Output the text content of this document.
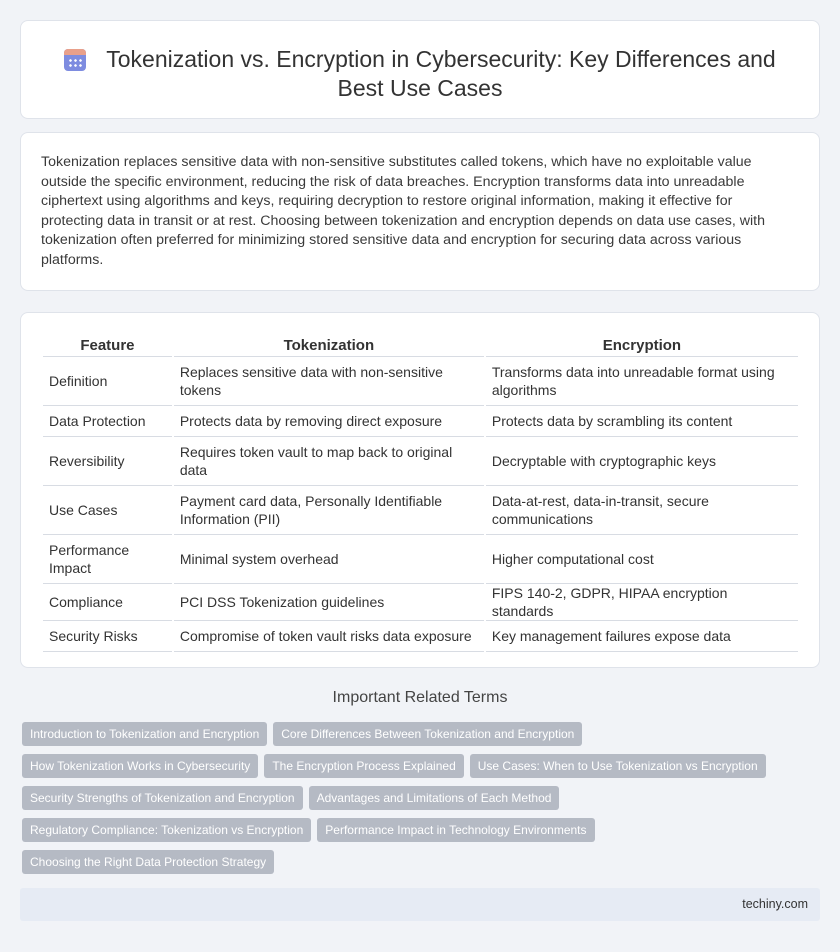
Tokenization vs. Encryption in Cybersecurity: Key Differences and Best Use Cases

Tokenization replaces sensitive data with non-sensitive substitutes called tokens, which have no exploitable value outside the specific environment, reducing the risk of data breaches. Encryption transforms data into unreadable ciphertext using algorithms and keys, requiring decryption to restore original information, making it effective for protecting data in transit or at rest. Choosing between tokenization and encryption depends on data use cases, with tokenization often preferred for minimizing stored sensitive data and encryption for securing data across various platforms.

Feature	Tokenization	Encryption
Definition	Replaces sensitive data with non-sensitive tokens	Transforms data into unreadable format using algorithms
Data Protection	Protects data by removing direct exposure	Protects data by scrambling its content
Reversibility	Requires token vault to map back to original data	Decryptable with cryptographic keys
Use Cases	Payment card data, Personally Identifiable Information (PII)	Data-at-rest, data-in-transit, secure communications
Performance Impact	Minimal system overhead	Higher computational cost
Compliance	PCI DSS Tokenization guidelines	FIPS 140-2, GDPR, HIPAA encryption standards
Security Risks	Compromise of token vault risks data exposure	Key management failures expose data
Important Related Terms
Introduction to Tokenization and Encryption	Core Differences Between Tokenization and Encryption
How Tokenization Works in Cybersecurity	The Encryption Process Explained	Use Cases: When to Use Tokenization vs Encryption
Security Strengths of Tokenization and Encryption	Advantages and Limitations of Each Method
Regulatory Compliance: Tokenization vs Encryption	Performance Impact in Technology Environments
Choosing the Right Data Protection Strategy
techiny.com
